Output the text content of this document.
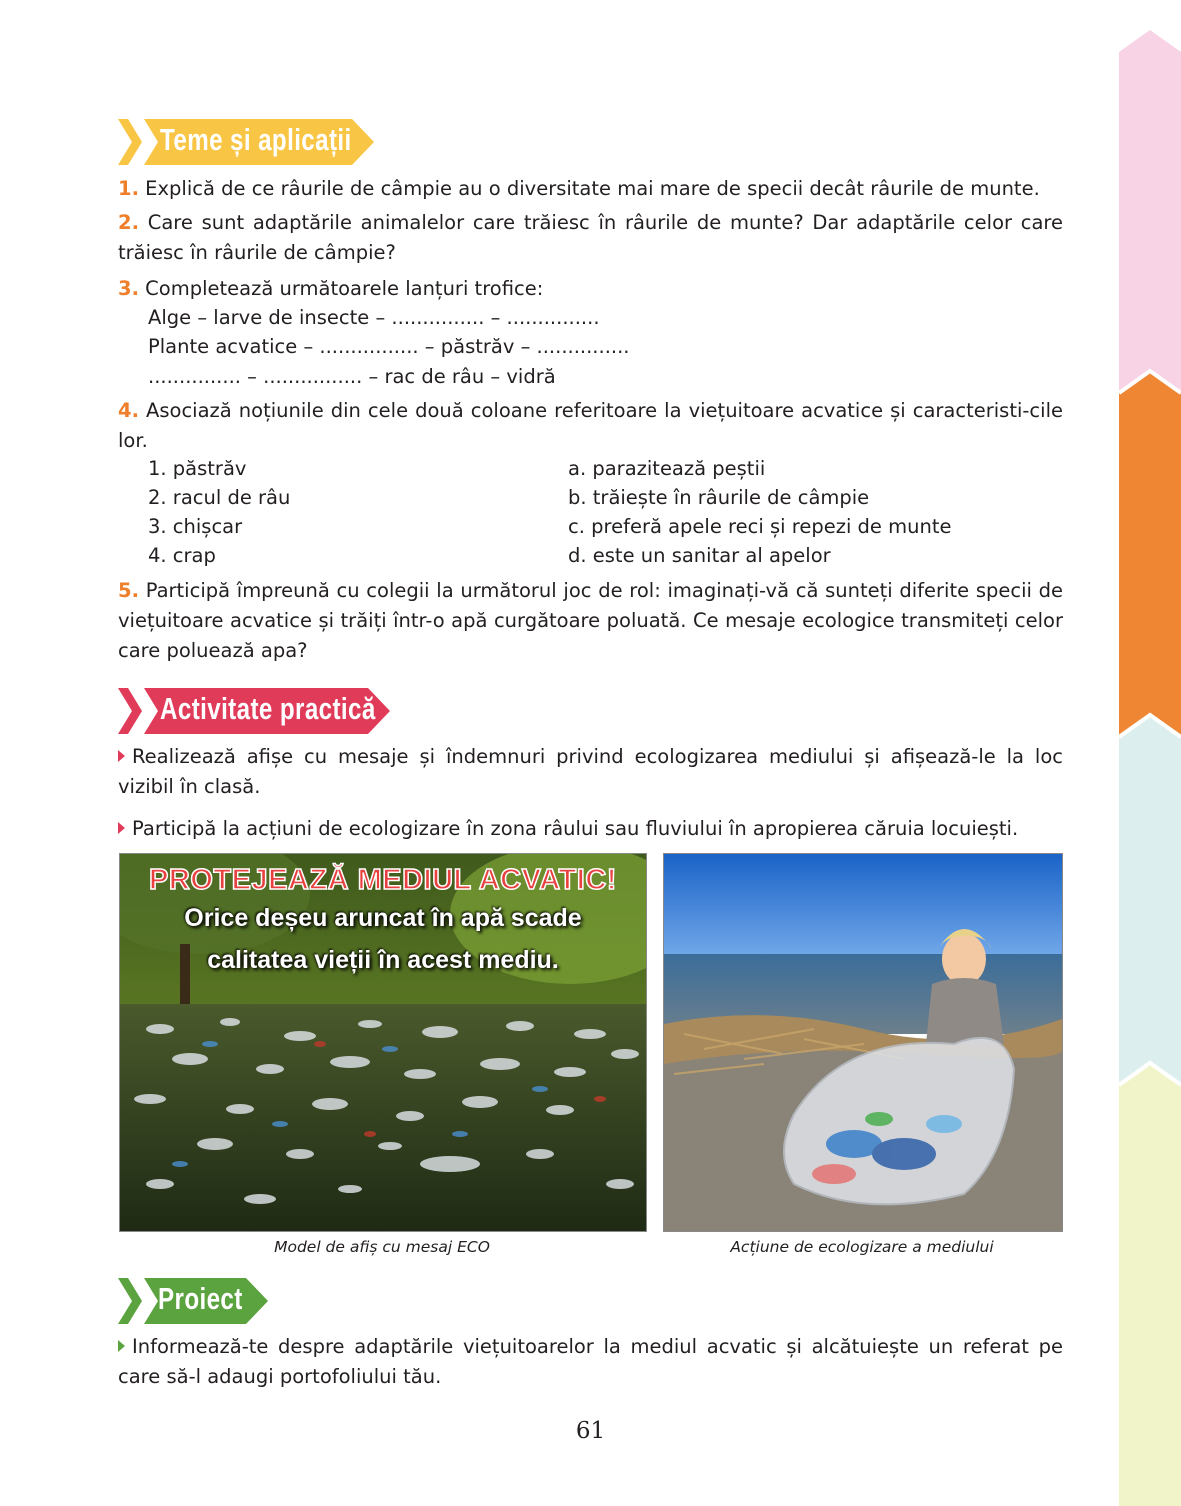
Teme și aplicații
1. Explică de ce râurile de câmpie au o diversitate mai mare de specii decât râurile de munte.
2. Care sunt adaptările animalelor care trăiesc în râurile de munte? Dar adaptările celor care trăiesc în râurile de câmpie?
3. Completează următoarele lanțuri trofice:
Alge – larve de insecte – ............... – ...............
Plante acvatice – ................ – păstrăv – ...............
............... – ................ – rac de râu – vidră
4. Asociază noțiunile din cele două coloane referitoare la viețuitoare acvatice și caracteristi-cile lor.
1. păstrăv
2. racul de râu
3. chișcar
4. crap
a. parazitează peștii
b. trăiește în râurile de câmpie
c. preferă apele reci și repezi de munte
d. este un sanitar al apelor
5. Participă împreună cu colegii la următorul joc de rol: imaginați-vă că sunteți diferite specii de viețuitoare acvatice și trăiți într-o apă curgătoare poluată. Ce mesaje ecologice transmiteți celor care poluează apa?
Activitate practică
Realizează afișe cu mesaje și îndemnuri privind ecologizarea mediului și afișează-le la loc vizibil în clasă.
Participă la acțiuni de ecologizare în zona râului sau fluviului în apropierea căruia locuiești.
PROTEJEAZĂ MEDIUL ACVATIC!
Orice deșeu aruncat în apă scade
calitatea vieții în acest mediu.
Model de afiș cu mesaj ECO	Acțiune de ecologizare a mediului
Proiect
Informează-te despre adaptările viețuitoarelor la mediul acvatic și alcătuiește un referat pe care să-l adaugi portofoliului tău.
61
